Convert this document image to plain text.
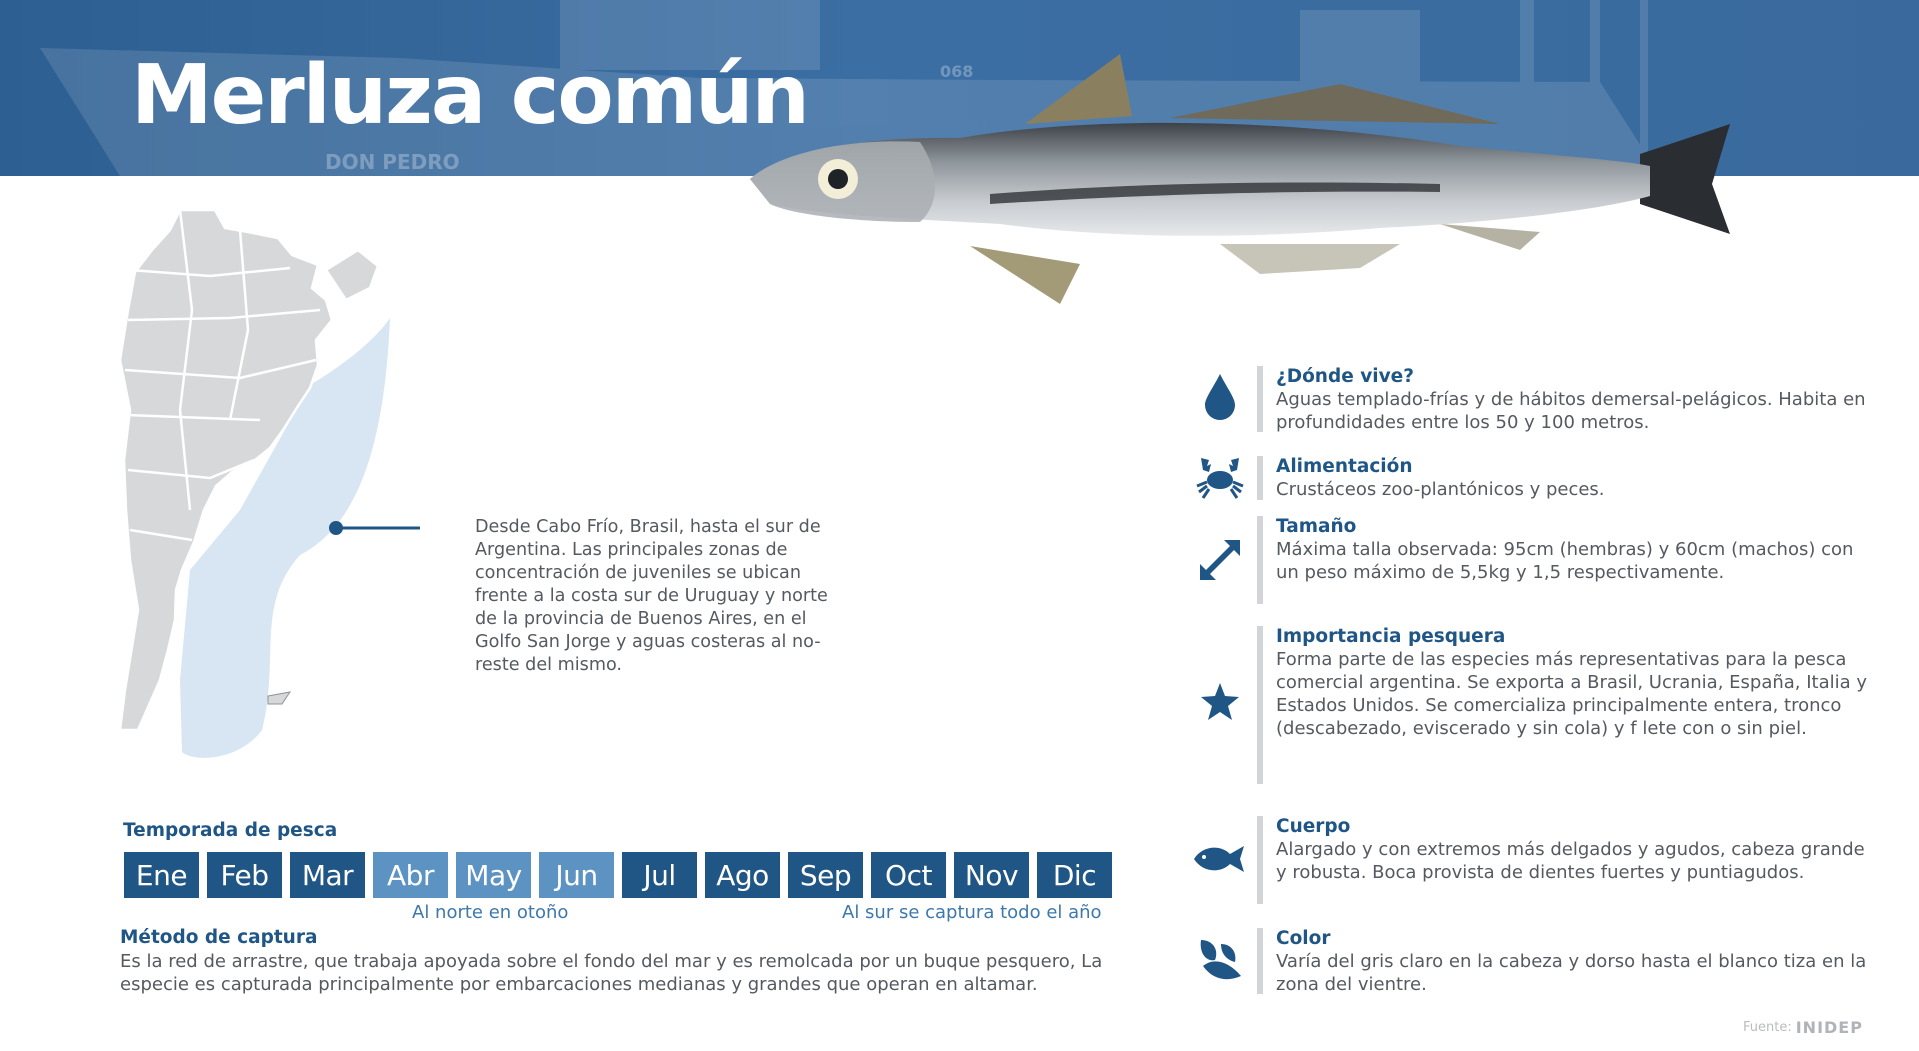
DON PEDRO
068
Merluza común
Desde Cabo Frío, Brasil, hasta el sur de Argentina. Las principales zonas de concentración de juveniles se ubican frente a la costa sur de Uruguay y norte de la provincia de Buenos Aires, en el Golfo San Jorge y aguas costeras al no-reste del mismo.
Temporada de pesca
Ene	Feb	Mar	Abr	May	Jun	Jul	Ago	Sep	Oct	Nov	Dic
Al norte en otoño	Al sur se captura todo el año
Método de captura
Es la red de arrastre, que trabaja apoyada sobre el fondo del mar y es remolcada por un buque pesquero, La especie es capturada principalmente por embarcaciones medianas y grandes que operan en altamar.
¿Dónde vive?
Aguas templado-frías y de hábitos demersal-pelágicos. Habita en profundidades entre los 50 y 100 metros.
Alimentación
Crustáceos zoo-plantónicos y peces.
Tamaño
Máxima talla observada: 95cm (hembras) y 60cm (machos) con un peso máximo de 5,5kg y 1,5 respectivamente.
Importancia pesquera
Forma parte de las especies más representativas para la pesca comercial argentina. Se exporta a Brasil, Ucrania, España, Italia y Estados Unidos. Se comercializa principalmente entera, tronco (descabezado, eviscerado y sin cola) y f lete con o sin piel.
Cuerpo
Alargado y con extremos más delgados y agudos, cabeza grande y robusta. Boca provista de dientes fuertes y puntiagudos.
Color
Varía del gris claro en la cabeza y dorso hasta el blanco tiza en la zona del vientre.
Fuente: INIDEP
